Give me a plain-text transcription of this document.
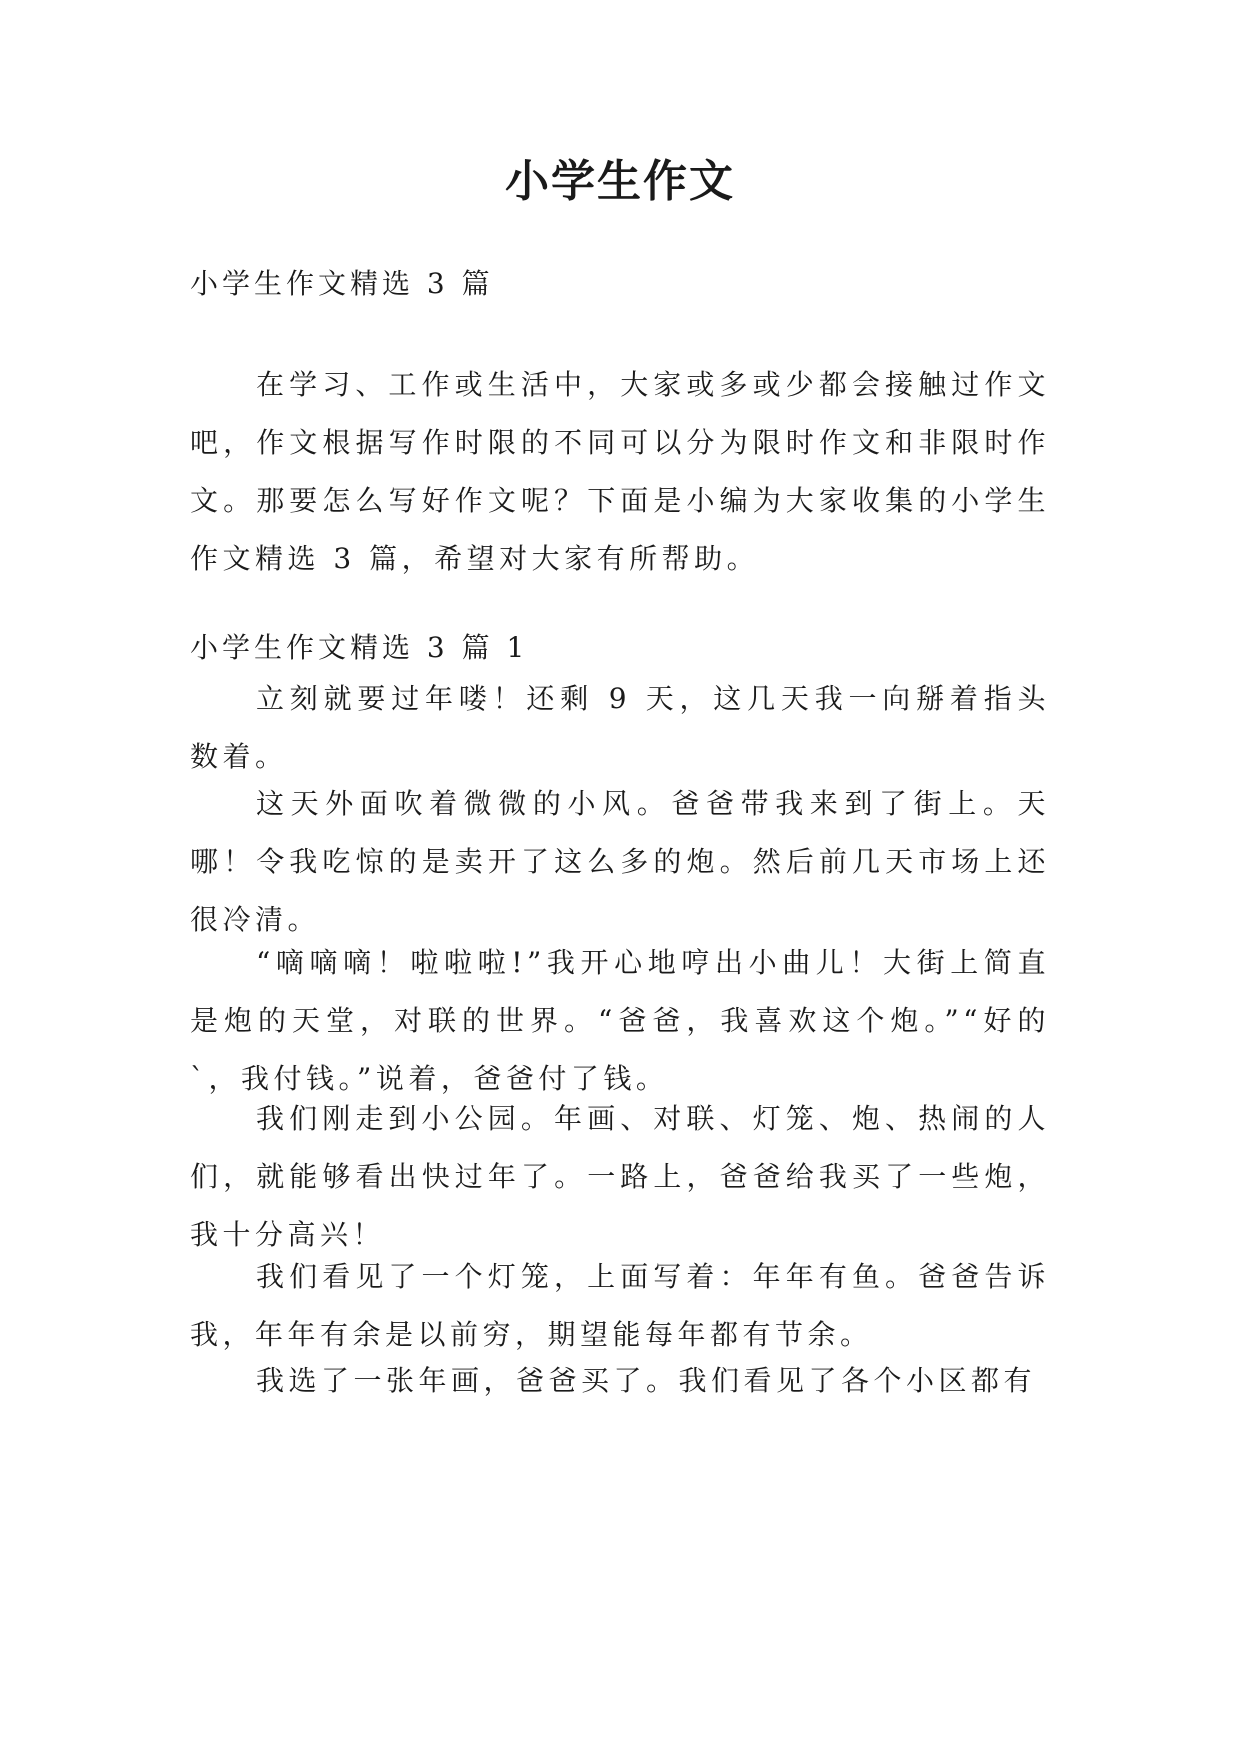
小学生作文

小学生作文精选 3 篇

在学习、工作或生活中，大家或多或少都会接触过作文吧，作文根据写作时限的不同可以分为限时作文和非限时作文。那要怎么写好作文呢？下面是小编为大家收集的小学生作文精选 3 篇，希望对大家有所帮助。

小学生作文精选 3 篇 1

立刻就要过年喽！还剩 9 天，这几天我一向掰着指头数着。

这天外面吹着微微的小风。爸爸带我来到了街上。天哪！令我吃惊的是卖开了这么多的炮。然后前几天市场上还很冷清。

“嘀嘀嘀！啦啦啦!”我开心地哼出小曲儿！大街上简直是炮的天堂，对联的世界。“爸爸，我喜欢这个炮。”“好的`，我付钱。”说着，爸爸付了钱。

我们刚走到小公园。年画、对联、灯笼、炮、热闹的人们，就能够看出快过年了。一路上，爸爸给我买了一些炮，我十分高兴！

我们看见了一个灯笼，上面写着：年年有鱼。爸爸告诉我，年年有余是以前穷，期望能每年都有节余。

我选了一张年画，爸爸买了。我们看见了各个小区都有
